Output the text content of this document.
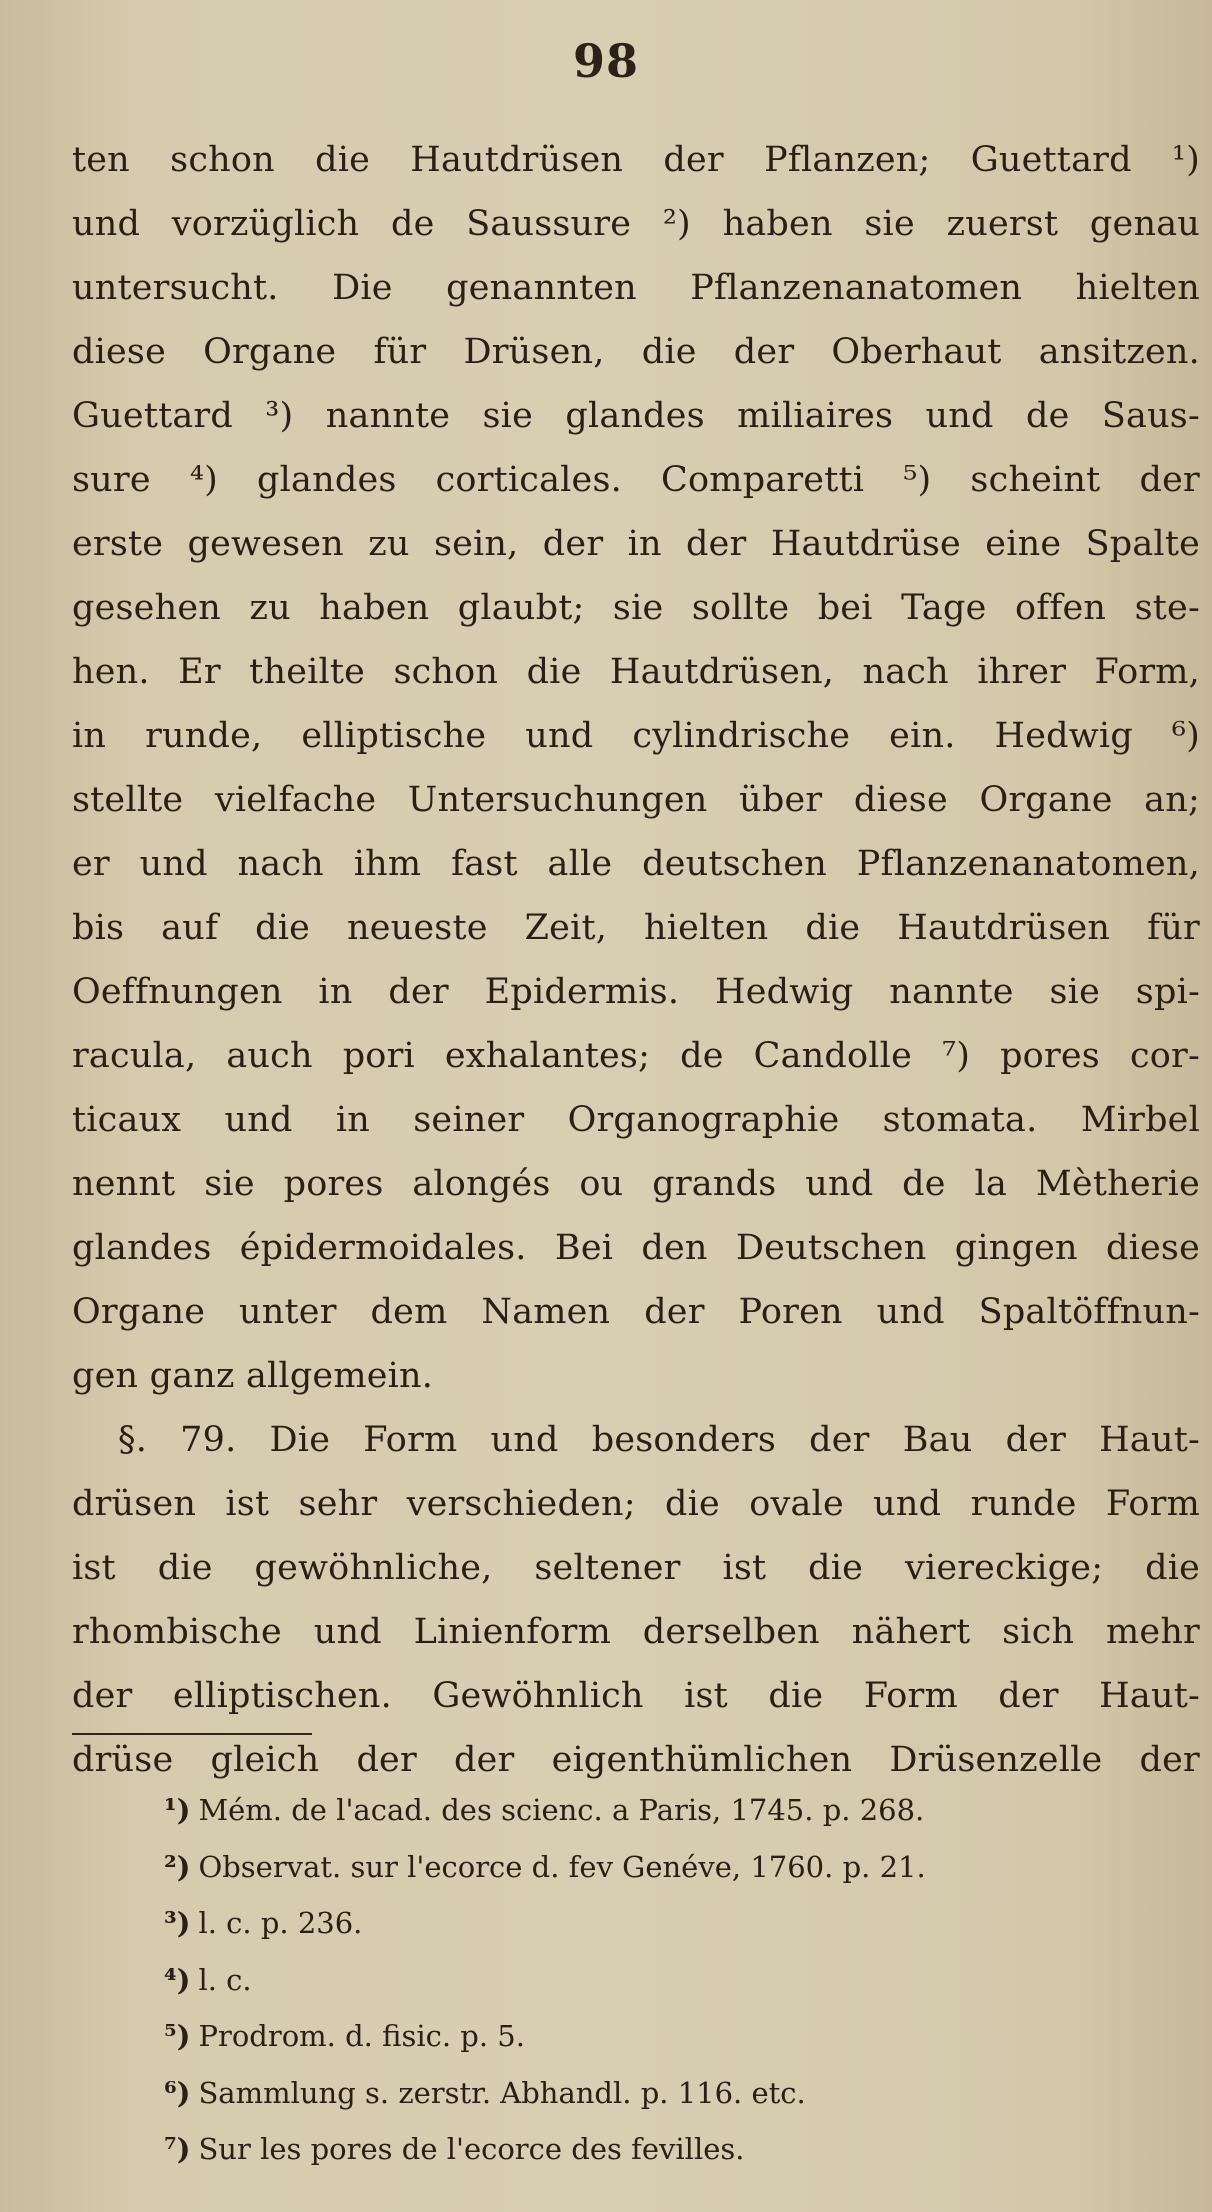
98
ten schon die Hautdrüsen der Pflanzen; Guettard ¹)
und vorzüglich de Saussure ²) haben sie zuerst genau
untersucht. Die genannten Pflanzenanatomen hielten
diese Organe für Drüsen, die der Oberhaut ansitzen.
Guettard ³) nannte sie glandes miliaires und de Saus-
sure ⁴) glandes corticales. Comparetti ⁵) scheint der
erste gewesen zu sein, der in der Hautdrüse eine Spalte
gesehen zu haben glaubt; sie sollte bei Tage offen ste-
hen. Er theilte schon die Hautdrüsen, nach ihrer Form,
in runde, elliptische und cylindrische ein. Hedwig ⁶)
stellte vielfache Untersuchungen über diese Organe an;
er und nach ihm fast alle deutschen Pflanzenanatomen,
bis auf die neueste Zeit, hielten die Hautdrüsen für
Oeffnungen in der Epidermis. Hedwig nannte sie spi-
racula, auch pori exhalantes; de Candolle ⁷) pores cor-
ticaux und in seiner Organographie stomata. Mirbel
nennt sie pores alongés ou grands und de la Mètherie
glandes épidermoidales. Bei den Deutschen gingen diese
Organe unter dem Namen der Poren und Spaltöffnun-
gen ganz allgemein.
§. 79. Die Form und besonders der Bau der Haut-
drüsen ist sehr verschieden; die ovale und runde Form
ist die gewöhnliche, seltener ist die viereckige; die
rhombische und Linienform derselben nähert sich mehr
der elliptischen. Gewöhnlich ist die Form der Haut-
drüse gleich der der eigenthümlichen Drüsenzelle der
¹) Mém. de l'acad. des scienc. a Paris, 1745. p. 268.
²) Observat. sur l'ecorce d. fev Genéve, 1760. p. 21.
³) l. c. p. 236.
⁴) l. c.
⁵) Prodrom. d. fisic. p. 5.
⁶) Sammlung s. zerstr. Abhandl. p. 116. etc.
⁷) Sur les pores de l'ecorce des fevilles.
